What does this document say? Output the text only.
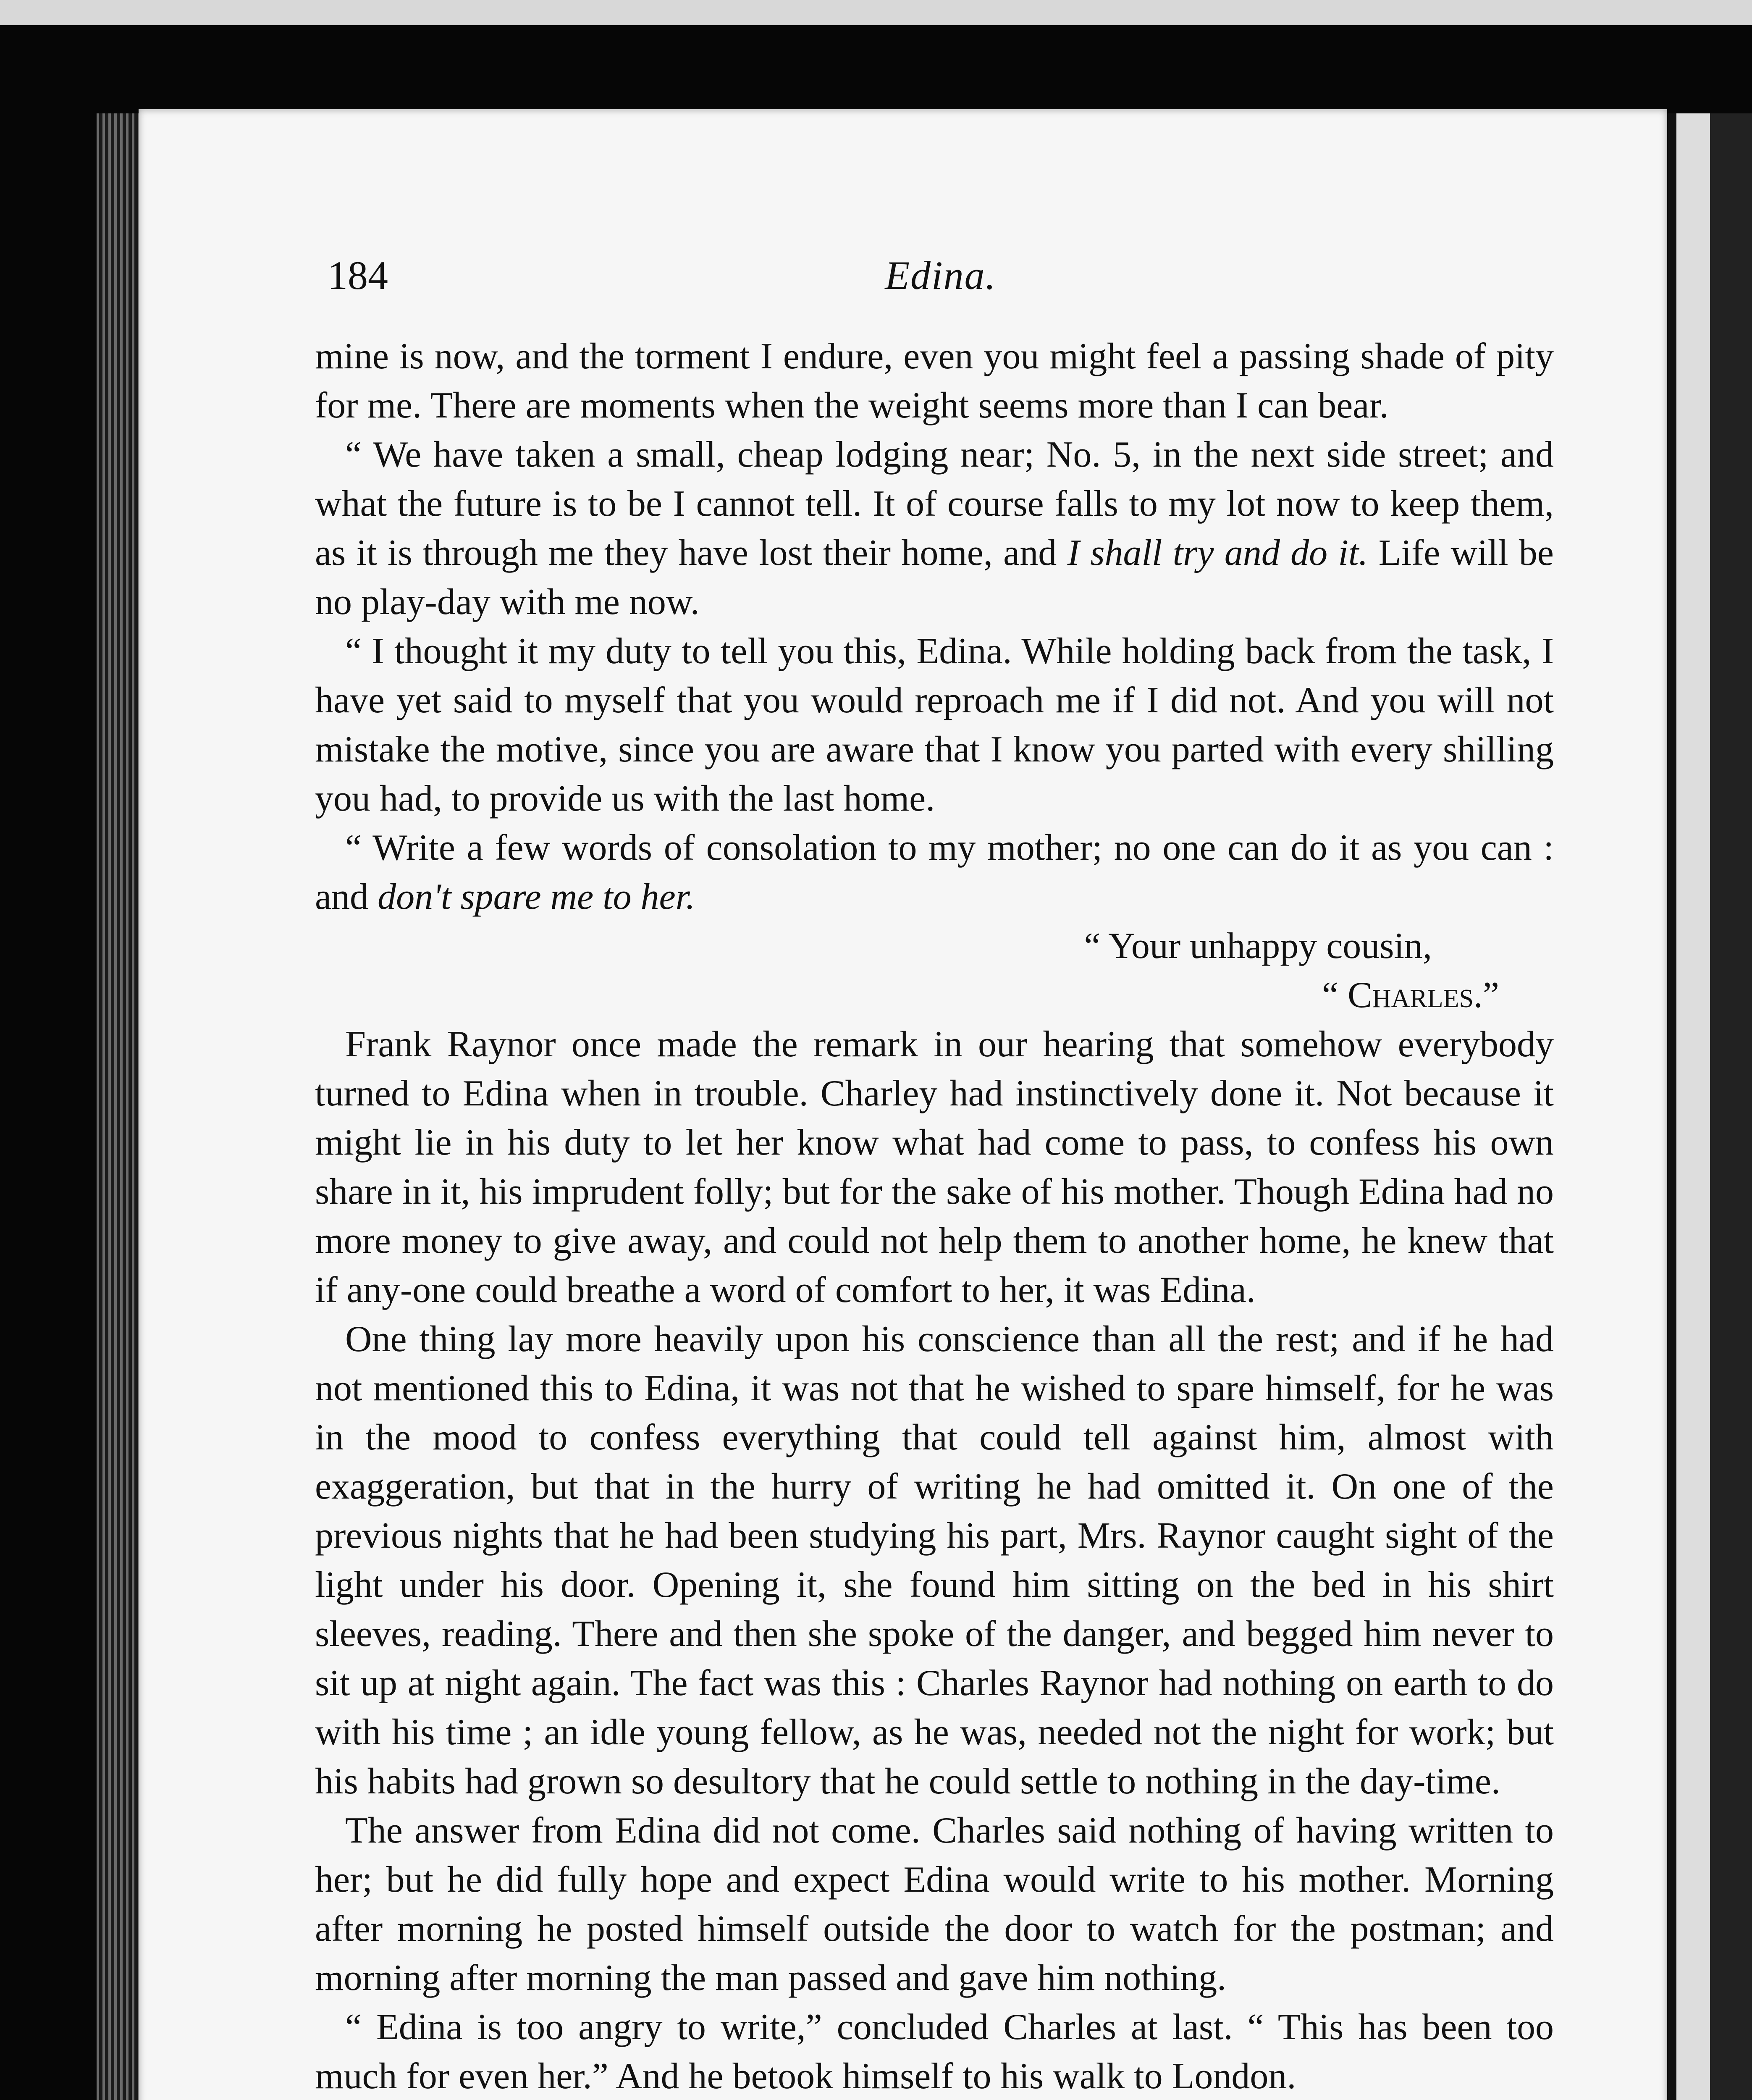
184	Edina.

mine is now, and the torment I endure, even you might feel a passing shade of pity for me. There are moments when the weight seems more than I can bear.

“ We have taken a small, cheap lodging near; No. 5, in the next side street; and what the future is to be I cannot tell. It of course falls to my lot now to keep them, as it is through me they have lost their home, and I shall try and do it. Life will be no play-day with me now.

“ I thought it my duty to tell you this, Edina. While holding back from the task, I have yet said to myself that you would reproach me if I did not. And you will not mistake the motive, since you are aware that I know you parted with every shilling you had, to provide us with the last home.

“ Write a few words of consolation to my mother; no one can do it as you can : and don't spare me to her.

“ Your unhappy cousin,

“ Charles.”

Frank Raynor once made the remark in our hearing that somehow everybody turned to Edina when in trouble. Charley had instinctively done it. Not because it might lie in his duty to let her know what had come to pass, to confess his own share in it, his imprudent folly; but for the sake of his mother. Though Edina had no more money to give away, and could not help them to another home, he knew that if any-one could breathe a word of comfort to her, it was Edina.

One thing lay more heavily upon his conscience than all the rest; and if he had not mentioned this to Edina, it was not that he wished to spare himself, for he was in the mood to confess everything that could tell against him, almost with exaggeration, but that in the hurry of writing he had omitted it. On one of the previous nights that he had been studying his part, Mrs. Raynor caught sight of the light under his door. Opening it, she found him sitting on the bed in his shirt sleeves, reading. There and then she spoke of the danger, and begged him never to sit up at night again. The fact was this : Charles Raynor had nothing on earth to do with his time ; an idle young fellow, as he was, needed not the night for work; but his habits had grown so desultory that he could settle to nothing in the day-time.

The answer from Edina did not come. Charles said nothing of having written to her; but he did fully hope and expect Edina would write to his mother. Morning after morning he posted himself outside the door to watch for the postman; and morning after morning the man passed and gave him nothing.

“ Edina is too angry to write,” concluded Charles at last. “ This has been too much for even her.” And he betook himself to his walk to London.
